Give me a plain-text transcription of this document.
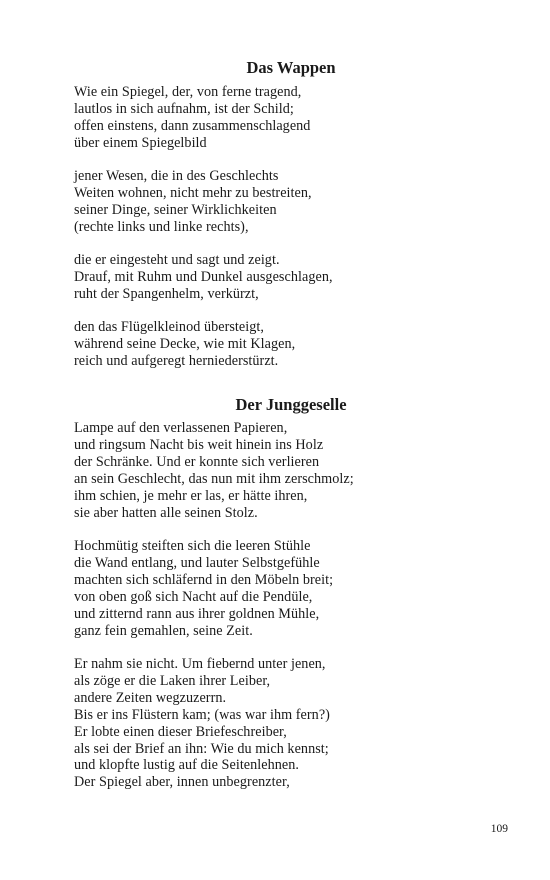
Das Wappen
Wie ein Spiegel, der, von ferne tragend,
lautlos in sich aufnahm, ist der Schild;
offen einstens, dann zusammenschlagend
über einem Spiegelbild
jener Wesen, die in des Geschlechts
Weiten wohnen, nicht mehr zu bestreiten,
seiner Dinge, seiner Wirklichkeiten
(rechte links und linke rechts),
die er eingesteht und sagt und zeigt.
Drauf, mit Ruhm und Dunkel ausgeschlagen,
ruht der Spangenhelm, verkürzt,
den das Flügelkleinod übersteigt,
während seine Decke, wie mit Klagen,
reich und aufgeregt herniederstürzt.
Der Junggeselle
Lampe auf den verlassenen Papieren,
und ringsum Nacht bis weit hinein ins Holz
der Schränke. Und er konnte sich verlieren
an sein Geschlecht, das nun mit ihm zerschmolz;
ihm schien, je mehr er las, er hätte ihren,
sie aber hatten alle seinen Stolz.
Hochmütig steiften sich die leeren Stühle
die Wand entlang, und lauter Selbstgefühle
machten sich schläfernd in den Möbeln breit;
von oben goß sich Nacht auf die Pendüle,
und zitternd rann aus ihrer goldnen Mühle,
ganz fein gemahlen, seine Zeit.
Er nahm sie nicht. Um fiebernd unter jenen,
als zöge er die Laken ihrer Leiber,
andere Zeiten wegzuzerrn.
Bis er ins Flüstern kam; (was war ihm fern?)
Er lobte einen dieser Briefeschreiber,
als sei der Brief an ihn: Wie du mich kennst;
und klopfte lustig auf die Seitenlehnen.
Der Spiegel aber, innen unbegrenzter,
109
